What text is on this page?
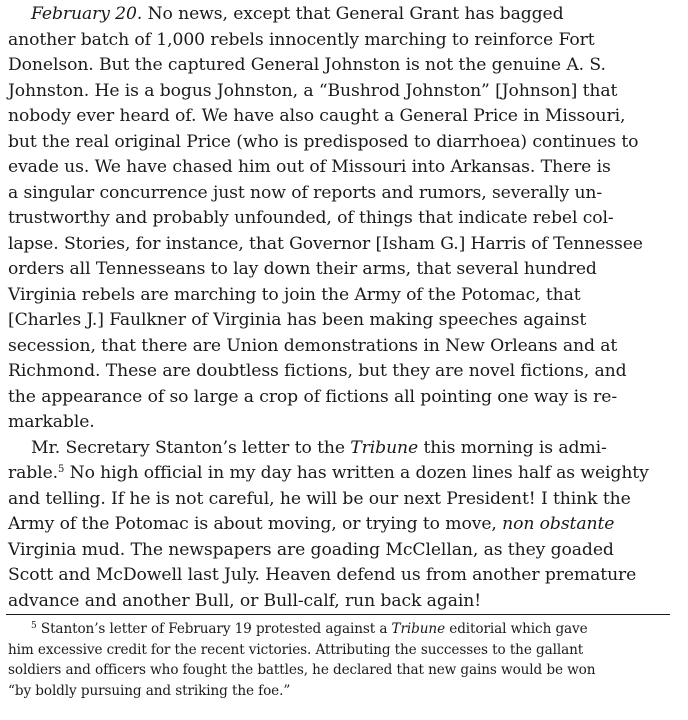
February 20. No news, except that General Grant has bagged
another batch of 1,000 rebels innocently marching to reinforce Fort
Donelson. But the captured General Johnston is not the genuine A. S.
Johnston. He is a bogus Johnston, a “Bushrod Johnston” [Johnson] that
nobody ever heard of. We have also caught a General Price in Missouri,
but the real original Price (who is predisposed to diarrhoea) continues to
evade us. We have chased him out of Missouri into Arkansas. There is
a singular concurrence just now of reports and rumors, severally un-
trustworthy and probably unfounded, of things that indicate rebel col-
lapse. Stories, for instance, that Governor [Isham G.] Harris of Tennessee
orders all Tennesseans to lay down their arms, that several hundred
Virginia rebels are marching to join the Army of the Potomac, that
[Charles J.] Faulkner of Virginia has been making speeches against
secession, that there are Union demonstrations in New Orleans and at
Richmond. These are doubtless fictions, but they are novel fictions, and
the appearance of so large a crop of fictions all pointing one way is re-
markable.
Mr. Secretary Stanton’s letter to the Tribune this morning is admi-
rable.$^5$ No high official in my day has written a dozen lines half as weighty
and telling. If he is not careful, he will be our next President! I think the
Army of the Potomac is about moving, or trying to move, non obstante
Virginia mud. The newspapers are goading McClellan, as they goaded
Scott and McDowell last July. Heaven defend us from another premature
advance and another Bull, or Bull-calf, run back again!
$^5$ Stanton’s letter of February 19 protested against a Tribune editorial which gave
him excessive credit for the recent victories. Attributing the successes to the gallant
soldiers and officers who fought the battles, he declared that new gains would be won
“by boldly pursuing and striking the foe.”
